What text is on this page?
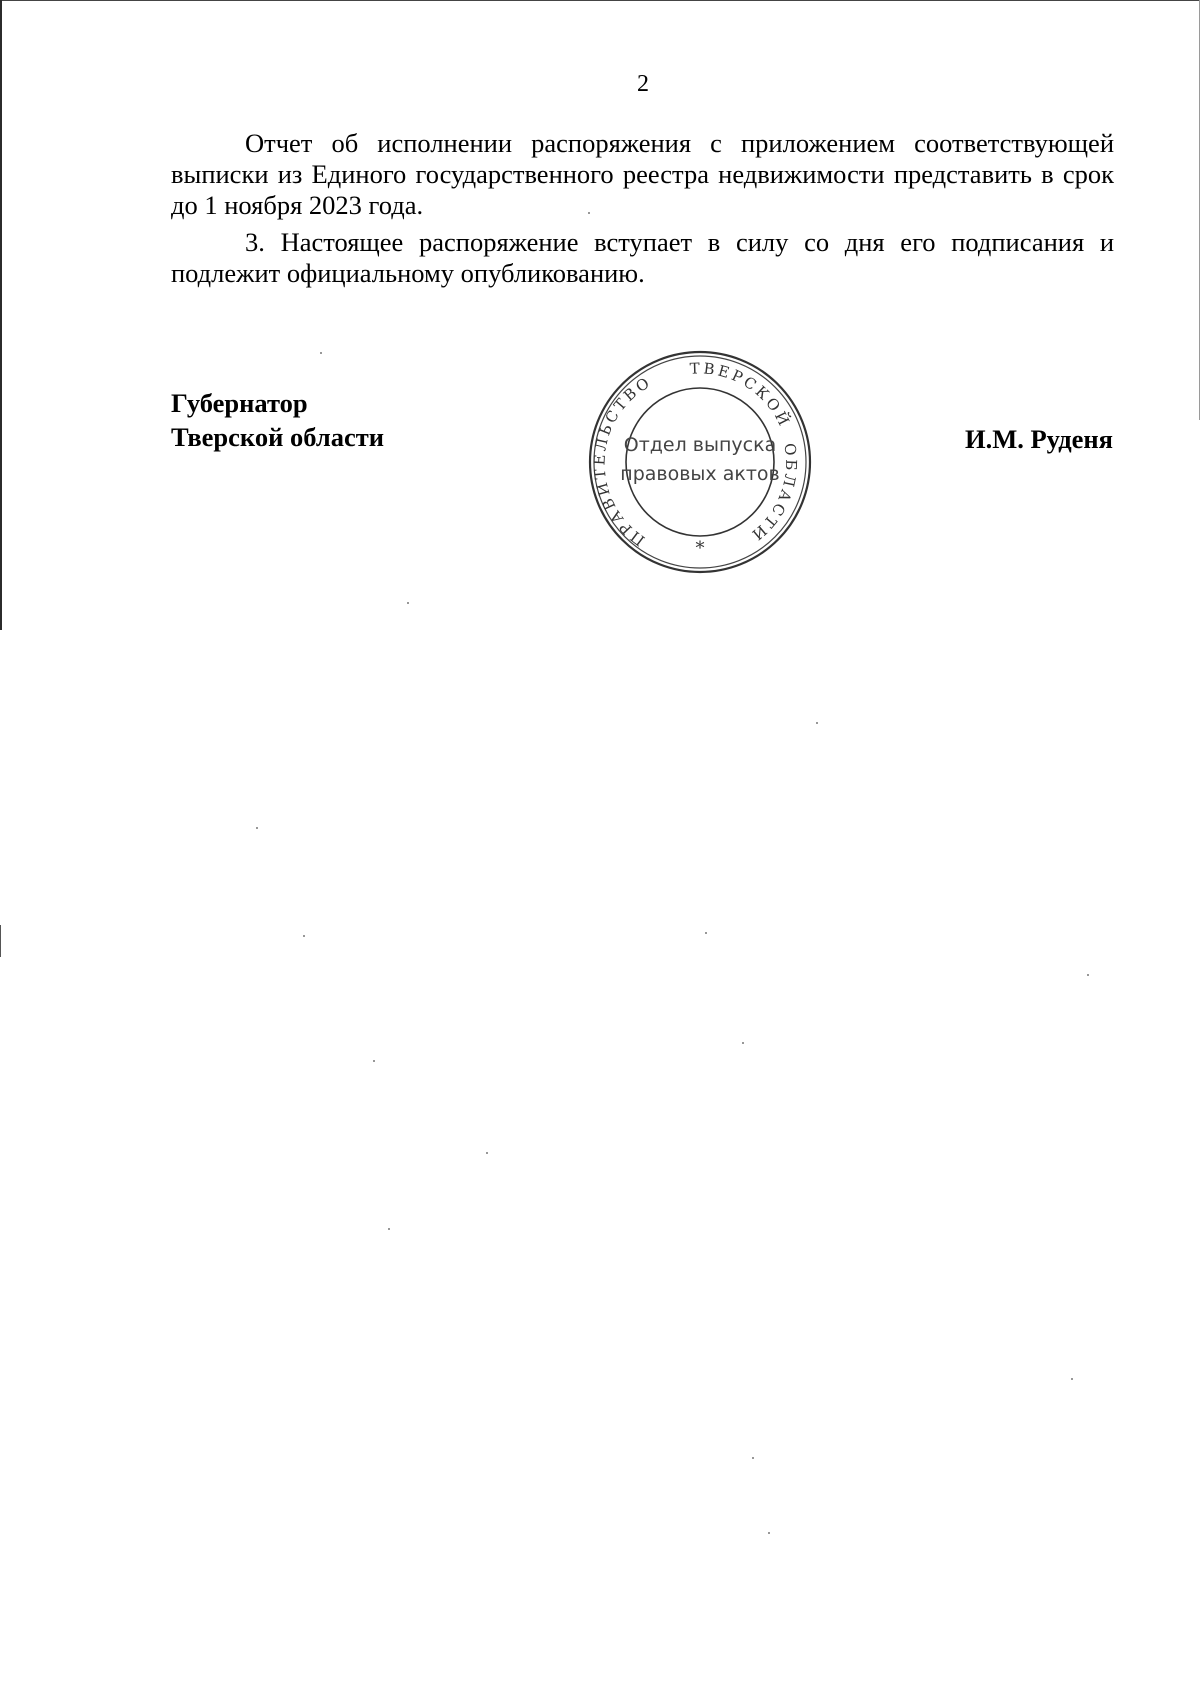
2

Отчет об исполнении распоряжения с приложением соответствующей выписки из Единого государственного реестра недвижимости представить в срок до 1 ноября 2023 года.

3. Настоящее распоряжение вступает в силу со дня его подписания и подлежит официальному опубликованию.

Губернатор
Тверской области	И.М. Руденя
ПРАВИТЕЛЬСТВО
ТВЕРСКОЙ
ОБЛАСТИ
Отдел выпуска
правовых актов
*
